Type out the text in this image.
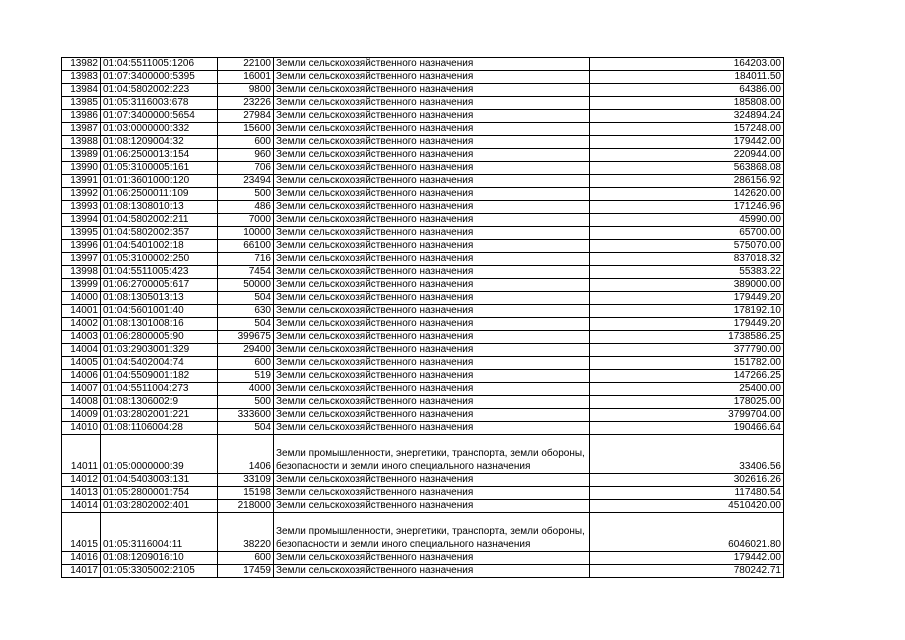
13982	01:04:5511005:1206	22100	Земли сельскохозяйственного назначения	164203.00
13983	01:07:3400000:5395	16001	Земли сельскохозяйственного назначения	184011.50
13984	01:04:5802002:223	9800	Земли сельскохозяйственного назначения	64386.00
13985	01:05:3116003:678	23226	Земли сельскохозяйственного назначения	185808.00
13986	01:07:3400000:5654	27984	Земли сельскохозяйственного назначения	324894.24
13987	01:03:0000000:332	15600	Земли сельскохозяйственного назначения	157248.00
13988	01:08:1209004:32	600	Земли сельскохозяйственного назначения	179442.00
13989	01:06:2500013:154	960	Земли сельскохозяйственного назначения	220944.00
13990	01:05:3100005:161	706	Земли сельскохозяйственного назначения	563868.08
13991	01:01:3601000:120	23494	Земли сельскохозяйственного назначения	286156.92
13992	01:06:2500011:109	500	Земли сельскохозяйственного назначения	142620.00
13993	01:08:1308010:13	486	Земли сельскохозяйственного назначения	171246.96
13994	01:04:5802002:211	7000	Земли сельскохозяйственного назначения	45990.00
13995	01:04:5802002:357	10000	Земли сельскохозяйственного назначения	65700.00
13996	01:04:5401002:18	66100	Земли сельскохозяйственного назначения	575070.00
13997	01:05:3100002:250	716	Земли сельскохозяйственного назначения	837018.32
13998	01:04:5511005:423	7454	Земли сельскохозяйственного назначения	55383.22
13999	01:06:2700005:617	50000	Земли сельскохозяйственного назначения	389000.00
14000	01:08:1305013:13	504	Земли сельскохозяйственного назначения	179449.20
14001	01:04:5601001:40	630	Земли сельскохозяйственного назначения	178192.10
14002	01:08:1301008:16	504	Земли сельскохозяйственного назначения	179449.20
14003	01:06:2800005:90	399675	Земли сельскохозяйственного назначения	1738586.25
14004	01:03:2903001:329	29400	Земли сельскохозяйственного назначения	377790.00
14005	01:04:5402004:74	600	Земли сельскохозяйственного назначения	151782.00
14006	01:04:5509001:182	519	Земли сельскохозяйственного назначения	147266.25
14007	01:04:5511004:273	4000	Земли сельскохозяйственного назначения	25400.00
14008	01:08:1306002:9	500	Земли сельскохозяйственного назначения	178025.00
14009	01:03:2802001:221	333600	Земли сельскохозяйственного назначения	3799704.00
14010	01:08:1106004:28	504	Земли сельскохозяйственного назначения	190466.64
14011	01:05:0000000:39	1406	Земли промышленности, энергетики, транспорта, земли обороны, безопасности и земли иного специального назначения	33406.56
14012	01:04:5403003:131	33109	Земли сельскохозяйственного назначения	302616.26
14013	01:05:2800001:754	15198	Земли сельскохозяйственного назначения	117480.54
14014	01:03:2802002:401	218000	Земли сельскохозяйственного назначения	4510420.00
14015	01:05:3116004:11	38220	Земли промышленности, энергетики, транспорта, земли обороны, безопасности и земли иного специального назначения	6046021.80
14016	01:08:1209016:10	600	Земли сельскохозяйственного назначения	179442.00
14017	01:05:3305002:2105	17459	Земли сельскохозяйственного назначения	780242.71
